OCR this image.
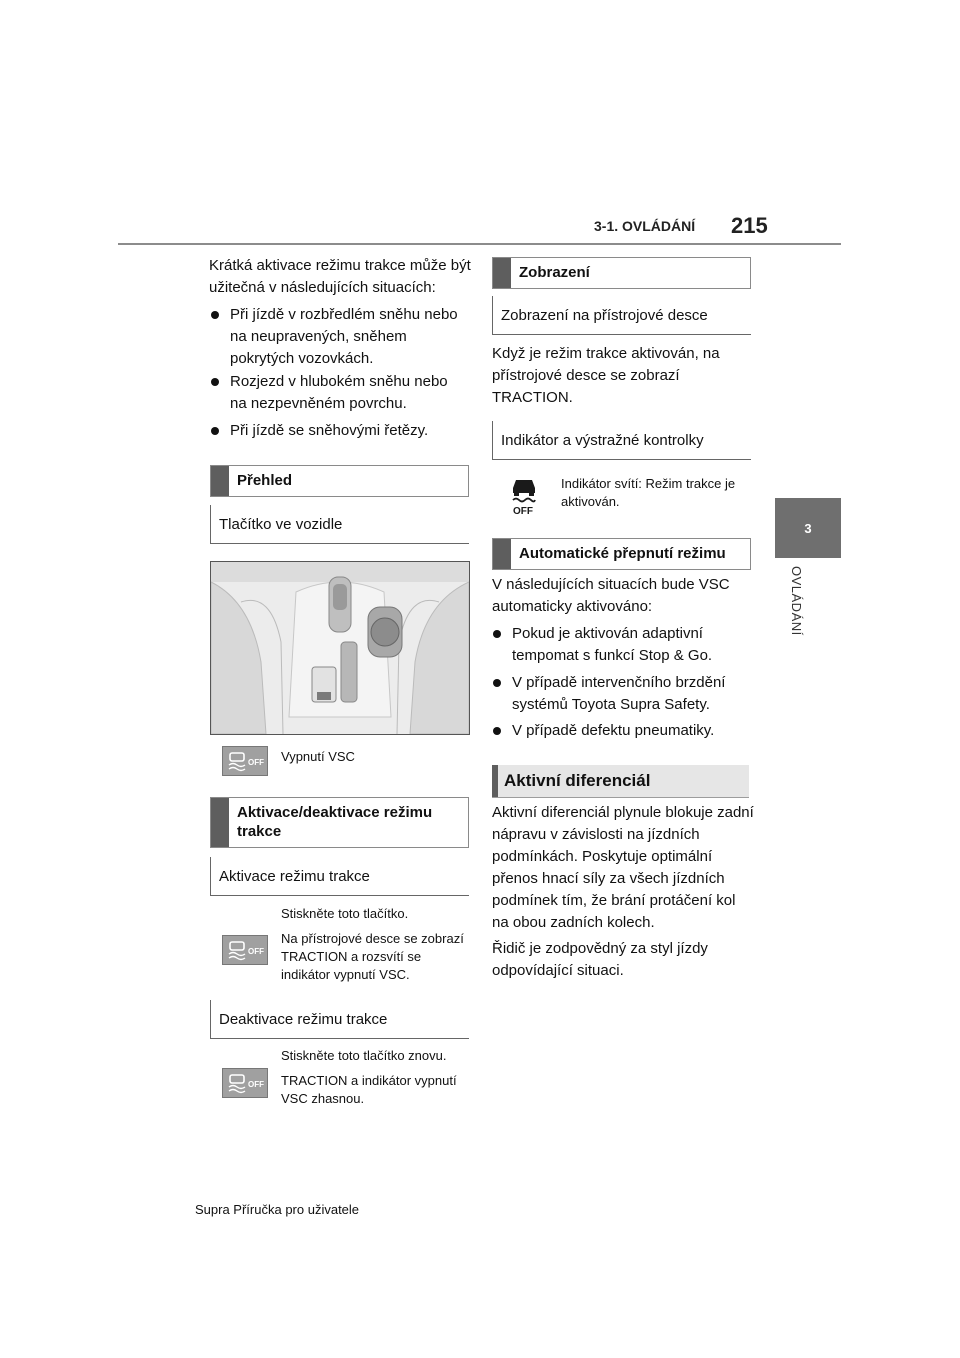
3-1. OVLÁDÁNÍ 215
3
OVLÁDÁNÍ
Krátká aktivace režimu trakce může být užitečná v následujících situacích:
Při jízdě v rozbředlém sněhu nebo na neupravených, sněhem pokrytých vozovkách.
Rozjezd v hlubokém sněhu nebo na nezpevněném povrchu.
Při jízdě se sněhovými řetězy.
Přehled
Tlačítko ve vozidle
OFF Vypnutí VSC
Aktivace/deaktivace režimu trakce
Aktivace režimu trakce
Stiskněte toto tlačítko.
OFF
Na přístrojové desce se zobrazí TRACTION a rozsvítí se indikátor vypnutí VSC.
Deaktivace režimu trakce
Stiskněte toto tlačítko znovu.
OFF TRACTION a indikátor vypnutí VSC zhasnou.
Zobrazení
Zobrazení na přístrojové desce
Když je režim trakce aktivován, na přístrojové desce se zobrazí TRACTION.
Indikátor a výstražné kontrolky
OFF
Indikátor svítí: Režim trakce je aktivován.
Automatické přepnutí režimu
V následujících situacích bude VSC automaticky aktivováno:
Pokud je aktivován adaptivní tempomat s funkcí Stop & Go.
V případě intervenčního brzdění systémů Toyota Supra Safety.
V případě defektu pneumatiky.
Aktivní diferenciál
Aktivní diferenciál plynule blokuje zadní nápravu v závislosti na jízdních podmínkách. Poskytuje optimální přenos hnací síly za všech jízdních podmínek tím, že brání protáčení kol na obou zadních kolech.
Řidič je zodpovědný za styl jízdy odpovídající situaci.
Supra Příručka pro uživatele
